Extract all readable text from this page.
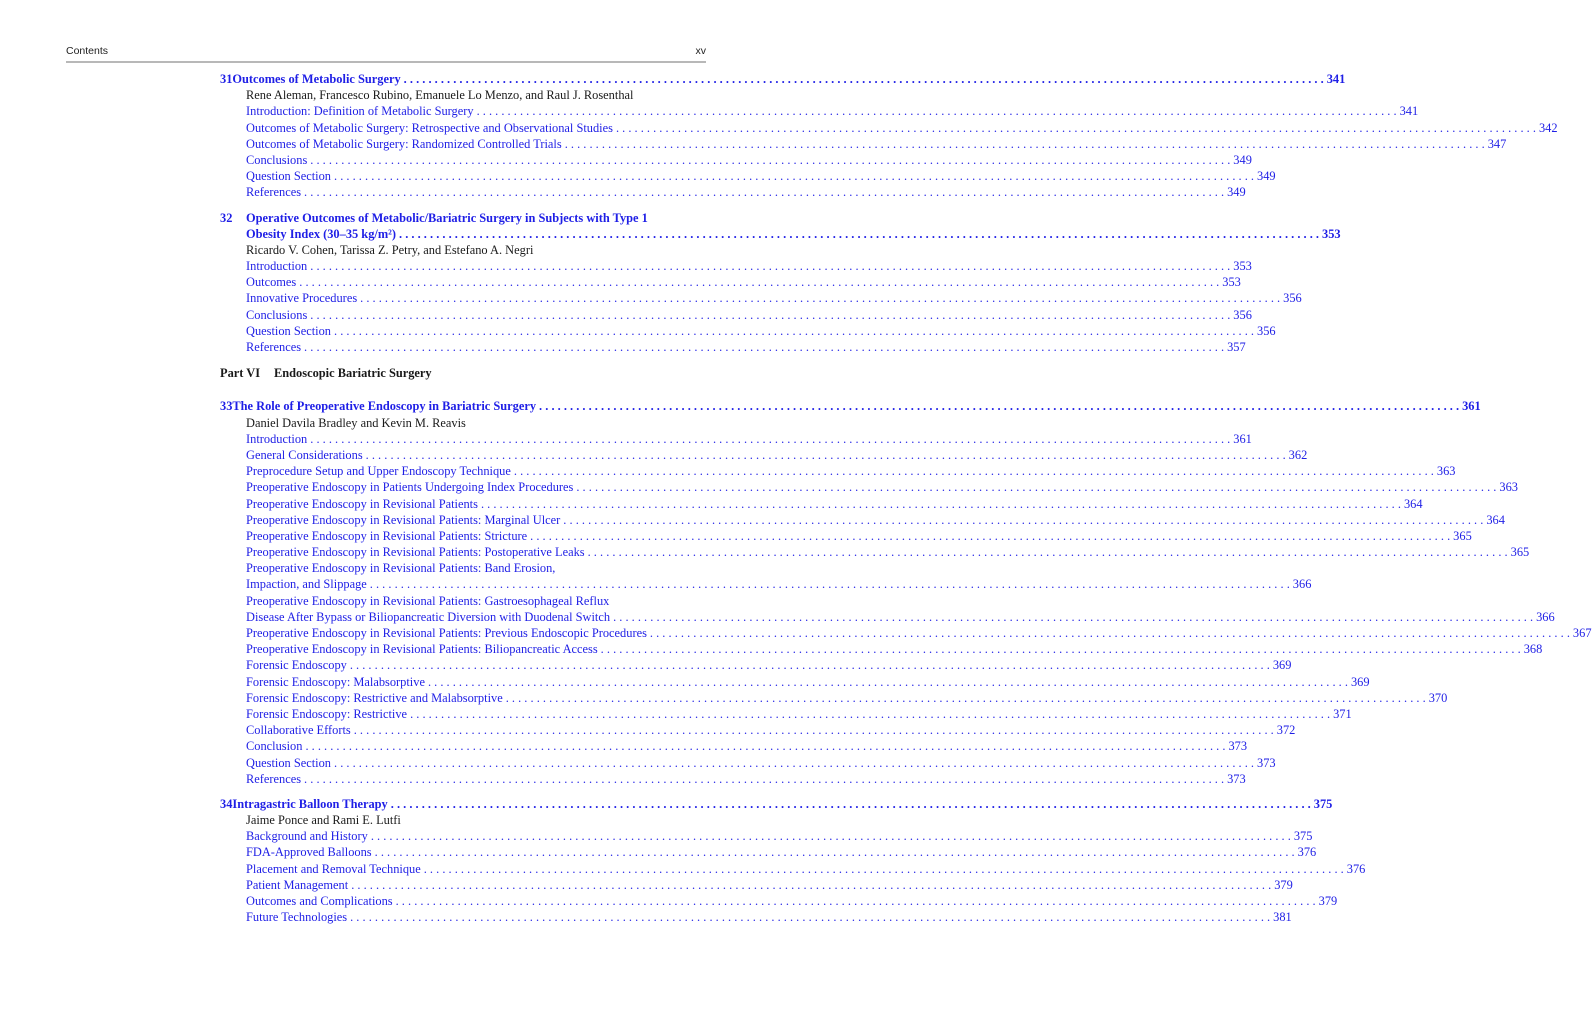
Contents	xv
31 Outcomes of Metabolic Surgery . . .	341
Rene Aleman, Francesco Rubino, Emanuele Lo Menzo, and Raul J. Rosenthal
Introduction: Definition of Metabolic Surgery . . .	341
Outcomes of Metabolic Surgery: Retrospective and Observational Studies . . .	342
Outcomes of Metabolic Surgery: Randomized Controlled Trials . . .	347
Conclusions . . .	349
Question Section . . .	349
References . . .	349
32	Operative Outcomes of Metabolic/Bariatric Surgery in Subjects with Type 1
Obesity Index (30–35 kg/m²) . . .	353
Ricardo V. Cohen, Tarissa Z. Petry, and Estefano A. Negri
Introduction . . .	353
Outcomes . . .	353
Innovative Procedures . . .	356
Conclusions . . .	356
Question Section . . .	356
References . . .	357
Part VI Endoscopic Bariatric Surgery
33 The Role of Preoperative Endoscopy in Bariatric Surgery . . .	361
Daniel Davila Bradley and Kevin M. Reavis
Introduction . . .	361
General Considerations . . .	362
Preprocedure Setup and Upper Endoscopy Technique . . .	363
Preoperative Endoscopy in Patients Undergoing Index Procedures . . .	363
Preoperative Endoscopy in Revisional Patients . . .	364
Preoperative Endoscopy in Revisional Patients: Marginal Ulcer . . .	364
Preoperative Endoscopy in Revisional Patients: Stricture . . .	365
Preoperative Endoscopy in Revisional Patients: Postoperative Leaks . . .	365
Preoperative Endoscopy in Revisional Patients: Band Erosion,
Impaction, and Slippage . . .	366
Preoperative Endoscopy in Revisional Patients: Gastroesophageal Reflux
Disease After Bypass or Biliopancreatic Diversion with Duodenal Switch . . .	366
Preoperative Endoscopy in Revisional Patients: Previous Endoscopic Procedures . . .	367
Preoperative Endoscopy in Revisional Patients: Biliopancreatic Access . . .	368
Forensic Endoscopy . . .	369
Forensic Endoscopy: Malabsorptive . . .	369
Forensic Endoscopy: Restrictive and Malabsorptive . . .	370
Forensic Endoscopy: Restrictive . . .	371
Collaborative Efforts . . .	372
Conclusion . . .	373
Question Section . . .	373
References . . .	373
34 Intragastric Balloon Therapy . . .	375
Jaime Ponce and Rami E. Lutfi
Background and History . . .	375
FDA-Approved Balloons . . .	376
Placement and Removal Technique . . .	376
Patient Management . . .	379
Outcomes and Complications . . .	379
Future Technologies . . .	381
